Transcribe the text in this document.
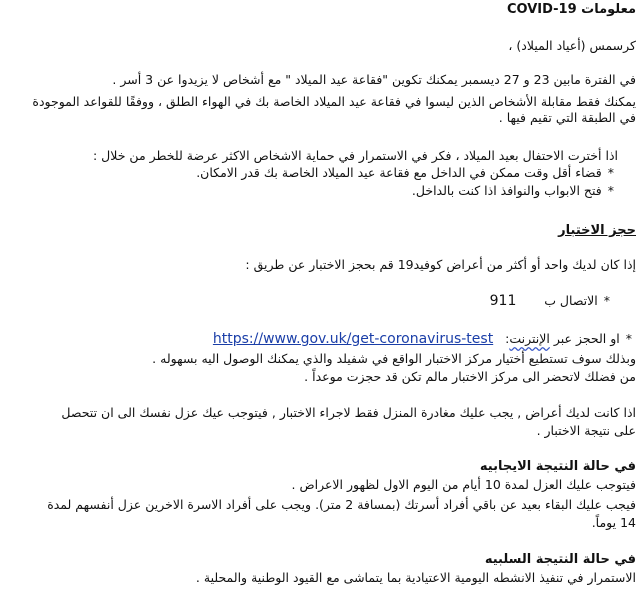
معلومات COVID-19
كرسمس (أعياد الميلاد) ،
في الفترة مابين 23 و 27 ديسمبر يمكنك تكوين "فقاعة عيد الميلاد " مع أشخاص لا يزيدوا عن 3 أسر .
يمكنك فقط مقابلة الأشخاص الذين ليسوا في فقاعة عيد الميلاد الخاصة بك في الهواء الطلق ، ووفقًا للقواعد الموجودة
في الطبقة التي تقيم فيها .
اذا أخترت الاحتفال بعيد الميلاد ، فكر في الاستمرار في حماية الاشخاص الاكثر عرضة للخطر من خلال :
*قضاء أقل وقت ممكن في الداخل مع فقاعة عيد الميلاد الخاصة بك قدر الامكان.
*فتح الابواب والنوافذ اذا كنت بالداخل.
حجز الاختبار
إذا كان لديك واحد أو أكثر من أعراض كوفيد19 قم بحجز الاختبار عن طريق :
*الاتصال ب       911
*او الحجز عبر الإنترنت:   https://www.gov.uk/get-coronavirus-test
وبذلك سوف تستطيع أختيار مركز الاختبار الواقع في شفيلد والذي يمكنك الوصول اليه بسهوله .
من فضلك لاتحضر الى مركز الاختبار مالم تكن قد حجزت موعداً .
اذا كانت لديك أعراض , يجب عليك مغادرة المنزل فقط لاجراء الاختبار , فيتوجب عيك عزل نفسك الى ان تتحصل
على نتيجة الاختبار .
في حالة النتيجة الايجابيه
فيتوجب عليك العزل لمدة 10 أيام من اليوم الاول لظهور الاعراض .
فيجب عليك البقاء بعيد عن باقي أفراد أسرتك (بمسافة 2 متر). ويجب على أفراد الاسرة الاخرين عزل أنفسهم لمدة
14 يوماً.
في حالة النتيجة السلبيه
الاستمرار في تنفيذ الانشطه اليومية الاعتيادية بما يتماشى مع القيود الوطنية والمحلية .
